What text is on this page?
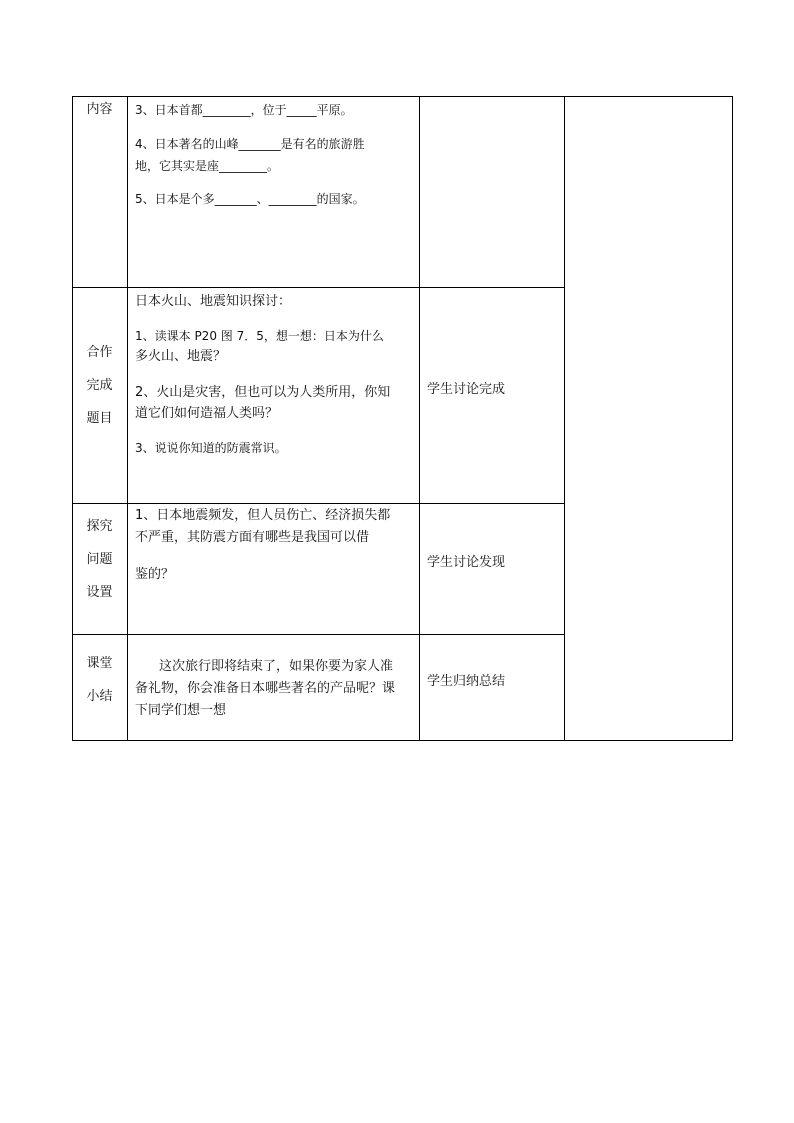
内容	3、日本首都________，位于_____平原。
4、日本著名的山峰_______是有名的旅游胜
地，它其实是座________。
5、日本是个多_______、________的国家。
合作
完成
题目
日本火山、地震知识探讨：
1、读课本 P20 图 7．5，想一想：日本为什么
多火山、地震？
2、火山是灾害，但也可以为人类所用，你知
道它们如何造福人类吗？
3、说说你知道的防震常识。
学生讨论完成
探究
问题
设置
1、日本地震频发，但人员伤亡、经济损失都
不严重，其防震方面有哪些是我国可以借
鉴的？
学生讨论发现
课堂
小结
这次旅行即将结束了，如果你要为家人准
备礼物，你会准备日本哪些著名的产品呢？课
下同学们想一想
学生归纳总结
